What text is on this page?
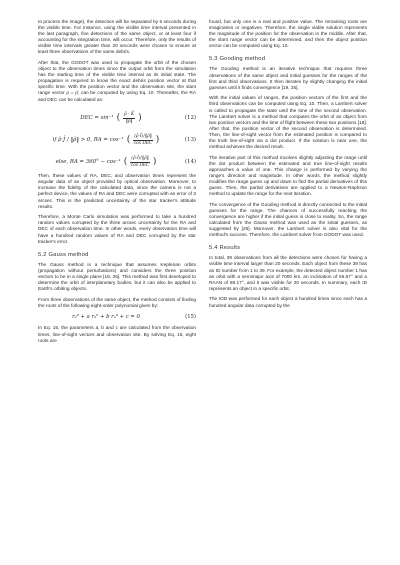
to process the image), the detection will be separated by 5 seconds during the visible time. For instance, using the visible time interval presented in the last paragraph, five detections of the same object, or at least four if accounting for the integration time, will occur. Therefore, only the results of visible time intervals greater than 20 seconds were chosen to ensure at least three observations of the same debris.

After that, the GODOT was used to propagate the orbit of the chosen object to the observation times since the output orbit from the simulation has the starting time of the visible time interval as its initial state. The propagation is required to know the exact debris position vector at that specific time. With the position vector and the observation site, the slant range vector ρ = ρ̂, can be computed by using Eq. 10. Thereafter, the RA and DEC can be calculated as:

DEC = sin⁻¹ ( $\frac{\rhô \cdot K̂}{‖\rhô‖}$ )	(12)
if ρ̂·Ĵ / ‖ρ̂‖ > 0, RA = cos⁻¹ ( $\frac{(\rhô\cdot Î)/‖\rhô‖}{\text{cos DEC}}$ )	(13)
else, RA = 360° − cos⁻¹ ( $\frac{(\rhô\cdot Î)/‖\rhô‖}{\text{cos DEC}}$ )	(14)

Then, these values of RA, DEC, and observation times represent the angular data of an object provided by optical observation. Moreover, to increase the fidelity of the calculated data, since the camera is not a perfect device, the values of RA and DEC were corrupted with an error of 3 arcsec. This is the predicted uncertainty of the star tracker's attitude results.

Therefore, a Monte Carlo simulation was performed to take a hundred random values corrupted by the three arcsec uncertainty for the RA and DEC of each observation time. In other words, every observation time will have a hundred random values of RA and DEC corrupted by the star tracker's error.

5.2 Gauss method

The Gauss method is a technique that assumes Keplerian orbits (propagation without perturbations) and considers the three position vectors to be in a single plane [18, 25]. This method was first developed to determine the orbit of interplanetary bodies, but it can also be applied to Earth's orbiting objects.

From three observations of the same object, the method consists of finding the roots of the following eight-order polynomial given by:

r₂⁸ + a r₂⁶ + b r₂³ + c = 0	(15)

In Eq. 15, the parameters a, b and c are calculated from the observation times, line-of-sight vectors and observation site. By solving Eq. 15, eight roots are

found, but only one is a real and positive value. The remaining roots are imaginaries or negatives. Therefore, the single viable solution represents the magnitude of the position for the observation in the middle. After that, the slant range vector can be determined, and then the object position vector can be computed using Eq. 10.

5.3 Gooding method

The Gooding method is an iterative technique that requires three observations of the same object and initial guesses for the ranges of the first and third observations. It then iterates by slightly changing the initial guesses until it finds convergence [19, 25].

With the initial values of ranges, the position vectors of the first and the third observations can be computed using Eq. 10. Then, a Lambert solver is called to propagate the state until the time of the second observation. The Lambert solver is a method that computes the orbit of an object from two position vectors and the time of flight between these two positions [18]. After that, the position vector of the second observation is determined. Then, the line-of-sight vector from the estimated position is compared to the truth line-of-sight via a dot product. If the solution is near one, the method achieves the desired result.

The iterative part of this method involves slightly adjusting the range until the dot product between the estimated and true line-of-sight results approaches a value of one. This change is performed by varying the range's direction and magnitude. In other words, the method slightly modifies the range guess up and down to find the partial derivatives of this guess. Then, the partial derivatives are applied to a Newton-Raphson method to update the range for the next iteration.

The convergence of the Gooding method is directly connected to the initial guesses for the range. The chances of successfully reaching the convergence are higher if the initial guess is close to reality. So, the range calculated from the Gauss method was used as the initial guesses, as suggested by [26]. Moreover, the Lambert solver is also vital for the method's success. Therefore, the Lambert solver from GODOT was used.

5.4 Results

In total, 39 observations from all the detections were chosen for having a visible time interval larger than 20 seconds. Each object from these 39 has an ID number from 1 to 39. For example, the detected object number 1 has an orbit with a semimajor axis of 7000 km, an inclination of 66.67° and a RAAN of 59.17°, and it was visible for 20 seconds. In summary, each ID represents an object in a specific orbit.

The IOD was performed for each object a hundred times since each has a hundred angular data corrupted by the
